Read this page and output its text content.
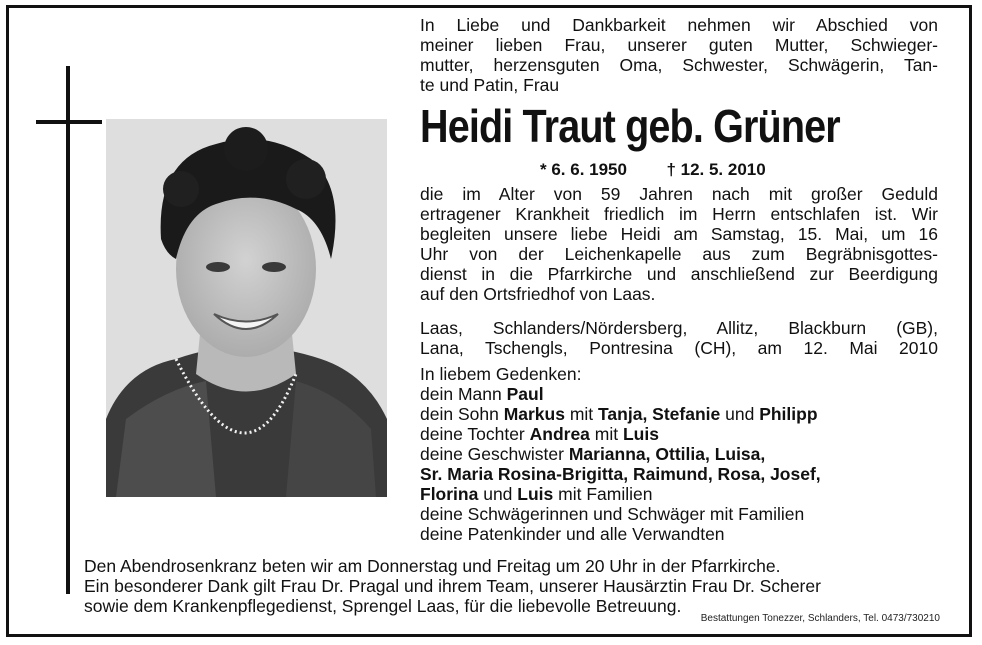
In Liebe und Dankbarkeit nehmen wir Abschied von
meiner lieben Frau, unserer guten Mutter, Schwieger-
mutter, herzensguten Oma, Schwester, Schwägerin, Tan-
te und Patin, Frau
Heidi Traut geb. Grüner
* 6. 6. 1950 † 12. 5. 2010
die im Alter von 59 Jahren nach mit großer Geduld
ertragener Krankheit friedlich im Herrn entschlafen ist. Wir
begleiten unsere liebe Heidi am Samstag, 15. Mai, um 16
Uhr von der Leichenkapelle aus zum Begräbnisgottes-
dienst in die Pfarrkirche und anschließend zur Beerdigung
auf den Ortsfriedhof von Laas.
Laas, Schlanders/Nördersberg, Allitz, Blackburn (GB),
Lana, Tschengls, Pontresina (CH), am 12. Mai 2010
In liebem Gedenken:
dein Mann Paul
dein Sohn Markus mit Tanja, Stefanie und Philipp
deine Tochter Andrea mit Luis
deine Geschwister Marianna, Ottilia, Luisa,
Sr. Maria Rosina-Brigitta, Raimund, Rosa, Josef,
Florina und Luis mit Familien
deine Schwägerinnen und Schwäger mit Familien
deine Patenkinder und alle Verwandten
Den Abendrosenkranz beten wir am Donnerstag und Freitag um 20 Uhr in der Pfarrkirche.
Ein besonderer Dank gilt Frau Dr. Pragal und ihrem Team, unserer Hausärztin Frau Dr. Scherer
sowie dem Krankenpflegedienst, Sprengel Laas, für die liebevolle Betreuung.
Bestattungen Tonezzer, Schlanders, Tel. 0473/730210
